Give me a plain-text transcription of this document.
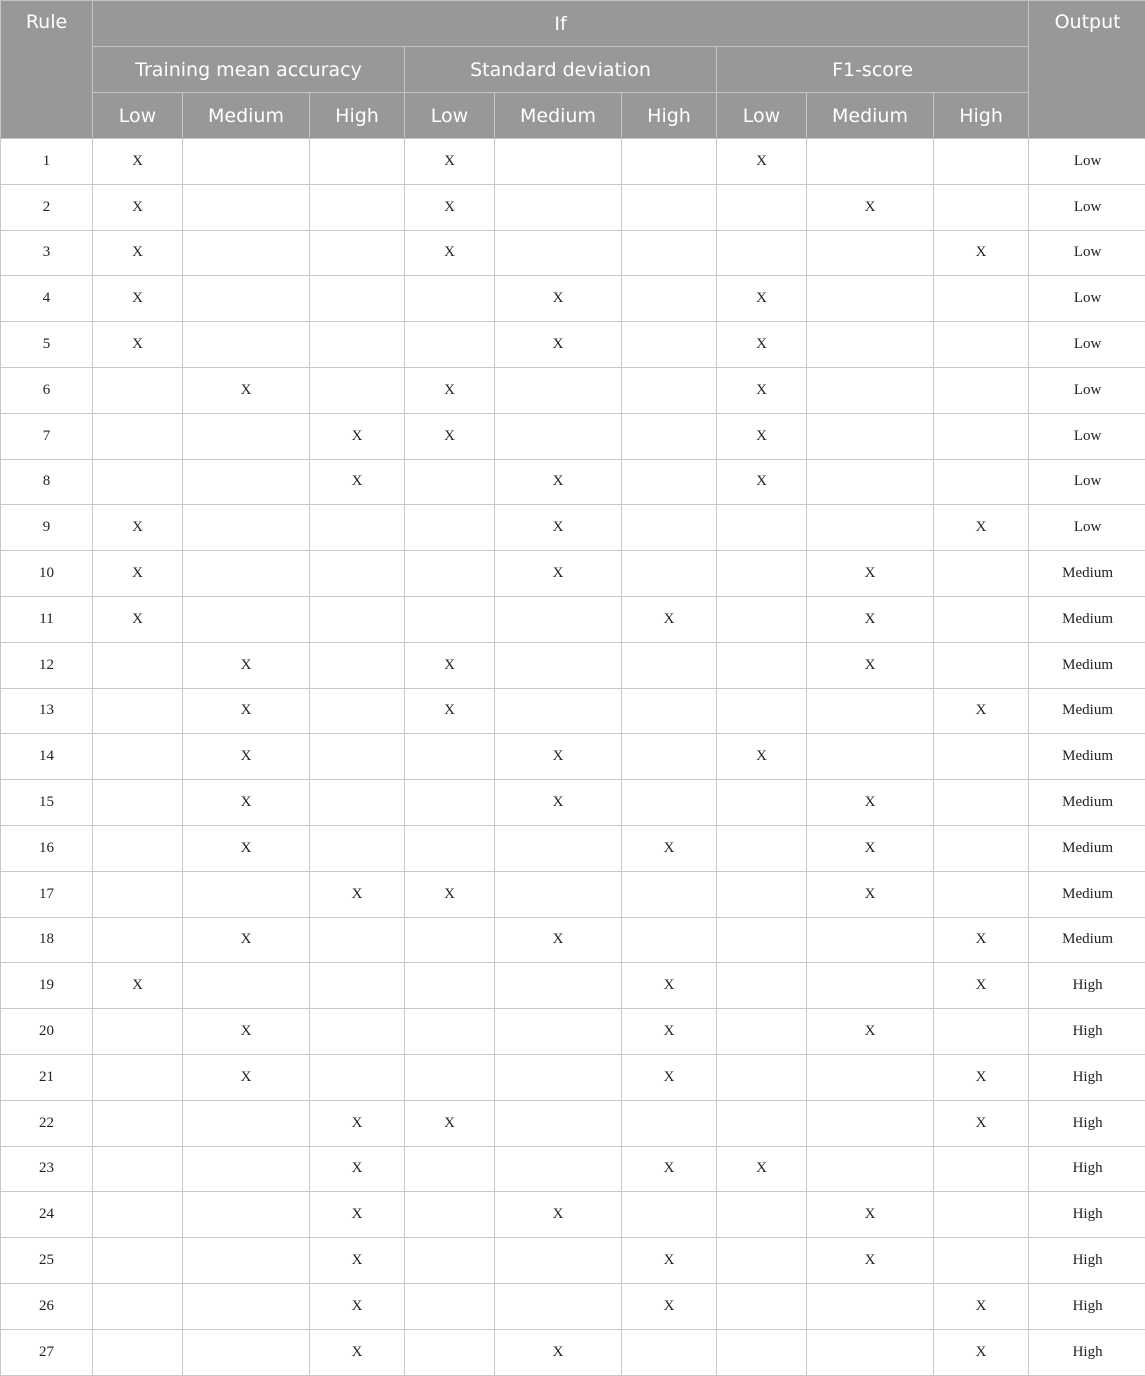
Rule	If									Output
	Training mean accuracy			Standard deviation			F1-score			
	Low	Medium	High	Low	Medium	High	Low	Medium	High	
1	X			X			X			Low
2	X			X				X		Low
3	X			X					X	Low
4	X				X		X			Low
5	X				X		X			Low
6		X		X			X			Low
7			X	X			X			Low
8			X		X		X			Low
9	X				X				X	Low
10	X				X			X		Medium
11	X					X		X		Medium
12		X		X				X		Medium
13		X		X					X	Medium
14		X			X		X			Medium
15		X			X			X		Medium
16		X				X		X		Medium
17			X	X				X		Medium
18		X			X				X	Medium
19	X					X			X	High
20		X				X		X		High
21		X				X			X	High
22			X	X					X	High
23			X			X	X			High
24			X		X			X		High
25			X			X		X		High
26			X			X			X	High
27			X		X				X	High
